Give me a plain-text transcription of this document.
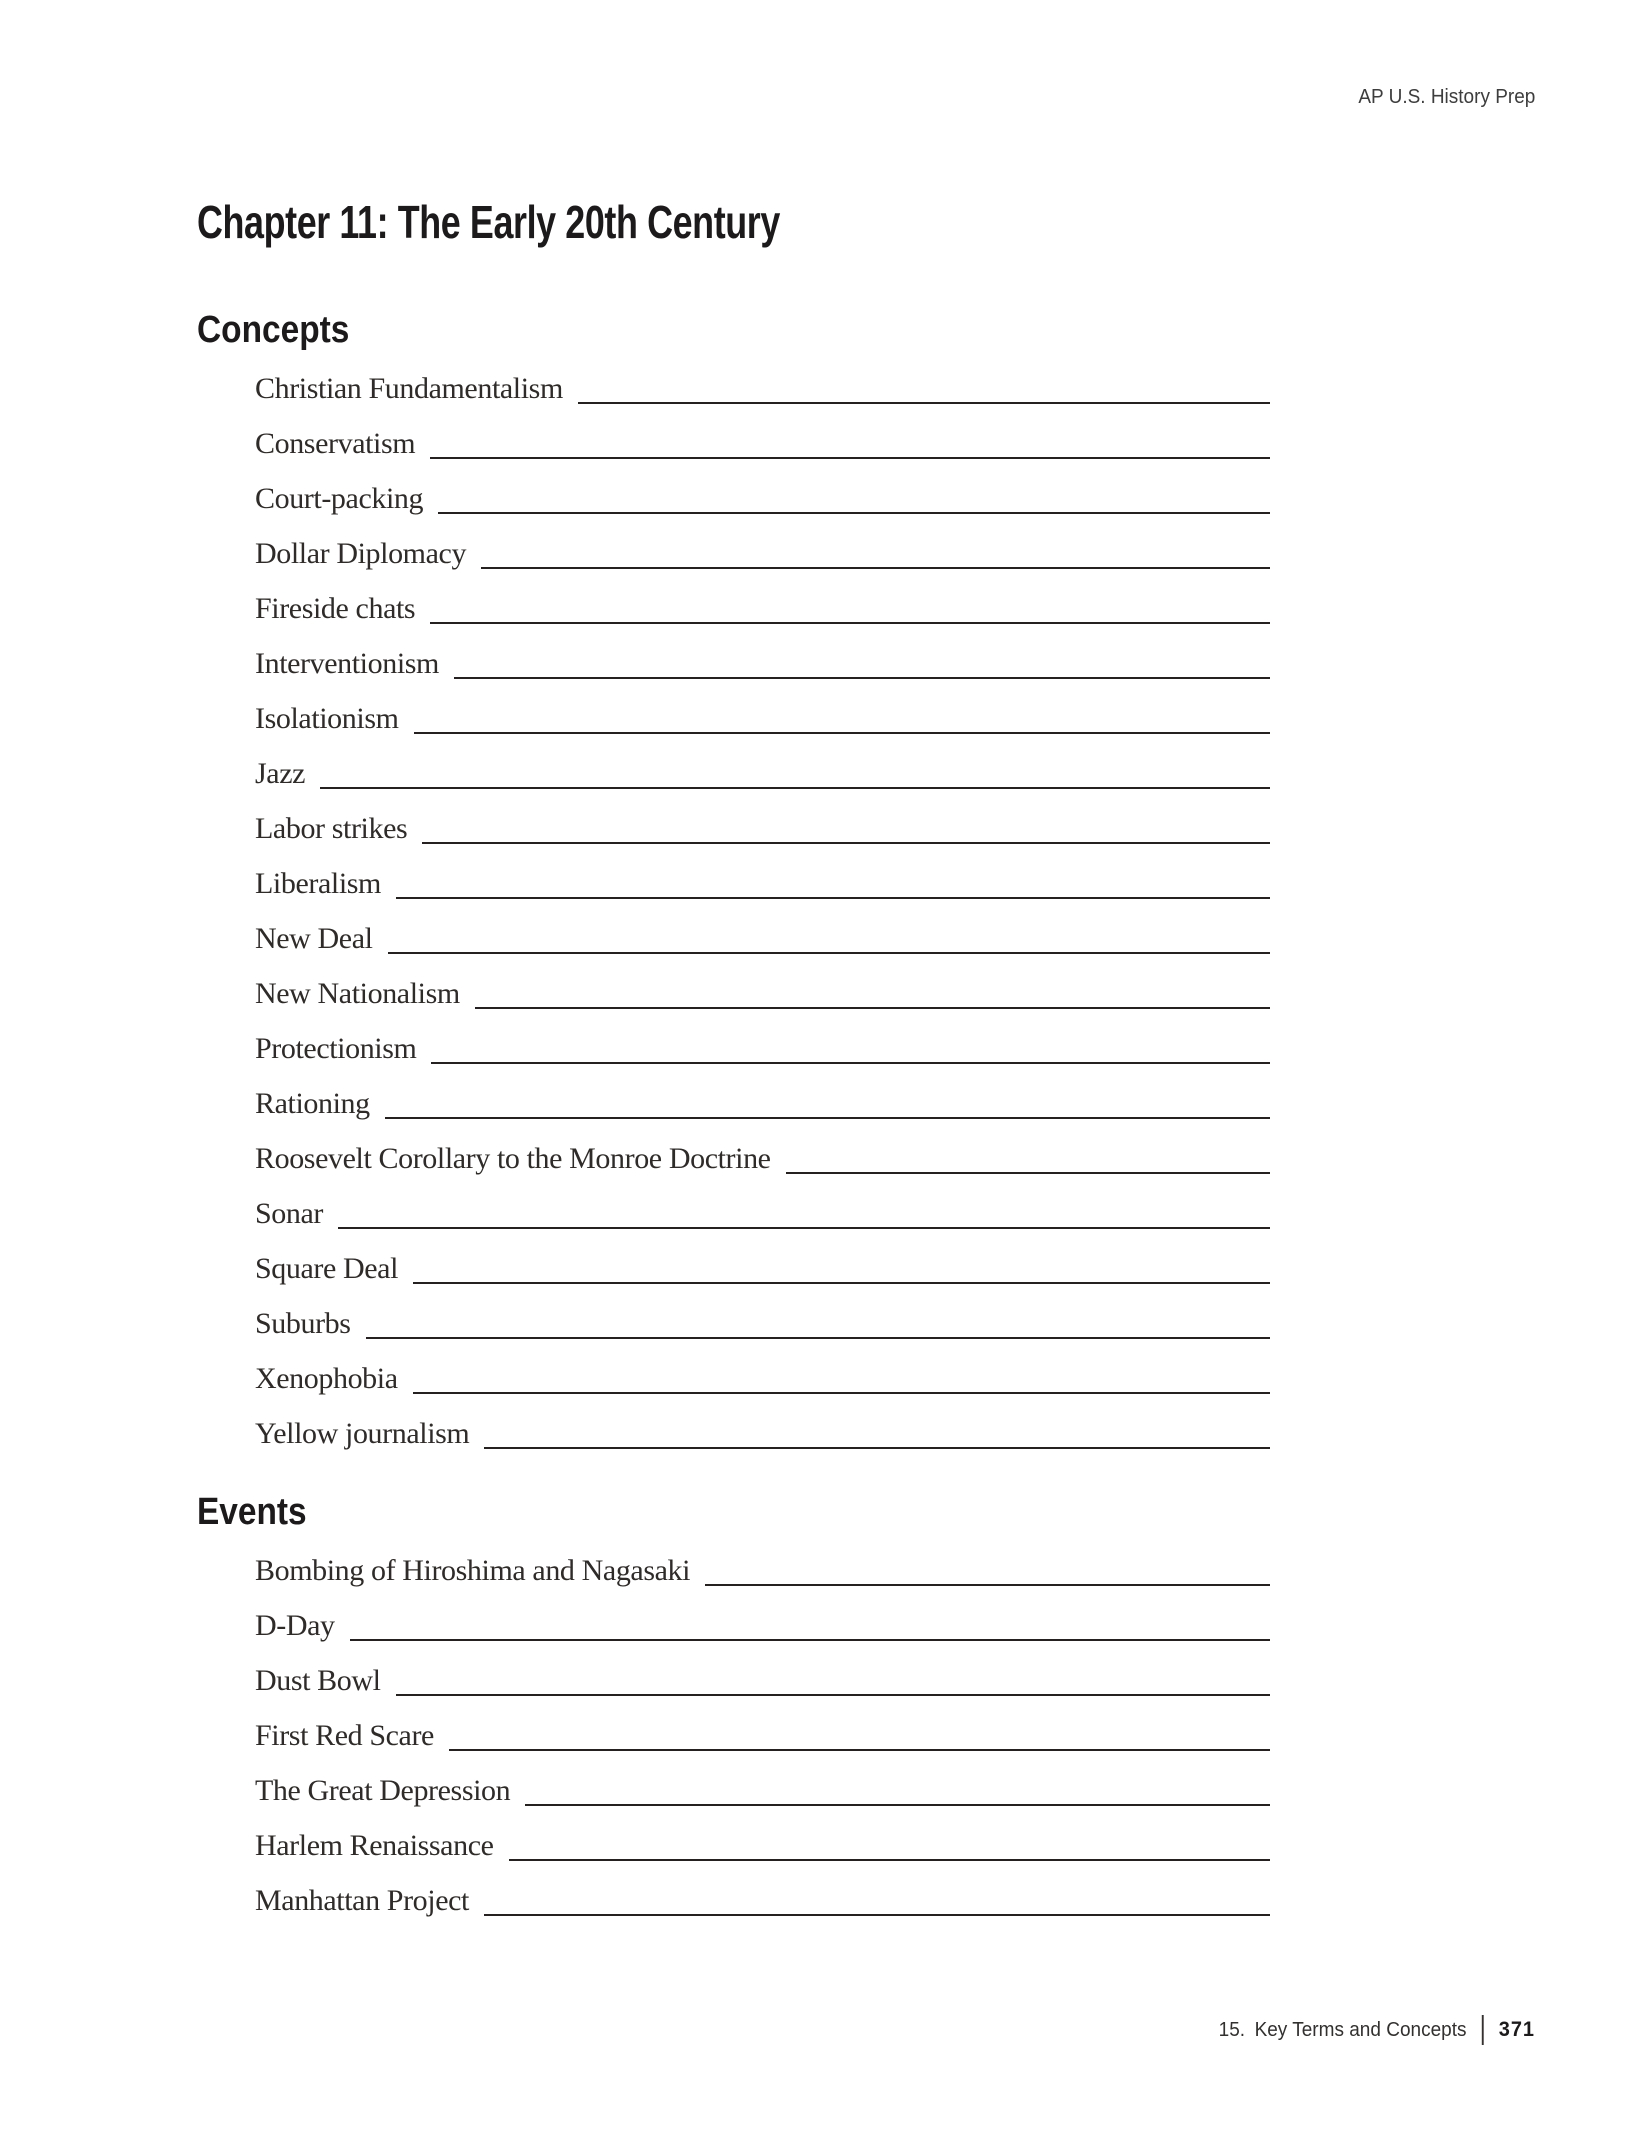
AP U.S. History Prep
Chapter 11: The Early 20th Century
Concepts
Christian Fundamentalism
Conservatism
Court-packing
Dollar Diplomacy
Fireside chats
Interventionism
Isolationism
Jazz
Labor strikes
Liberalism
New Deal
New Nationalism
Protectionism
Rationing
Roosevelt Corollary to the Monroe Doctrine
Sonar
Square Deal
Suburbs
Xenophobia
Yellow journalism
Events
Bombing of Hiroshima and Nagasaki
D-Day
Dust Bowl
First Red Scare
The Great Depression
Harlem Renaissance
Manhattan Project
15. Key Terms and Concepts 371
